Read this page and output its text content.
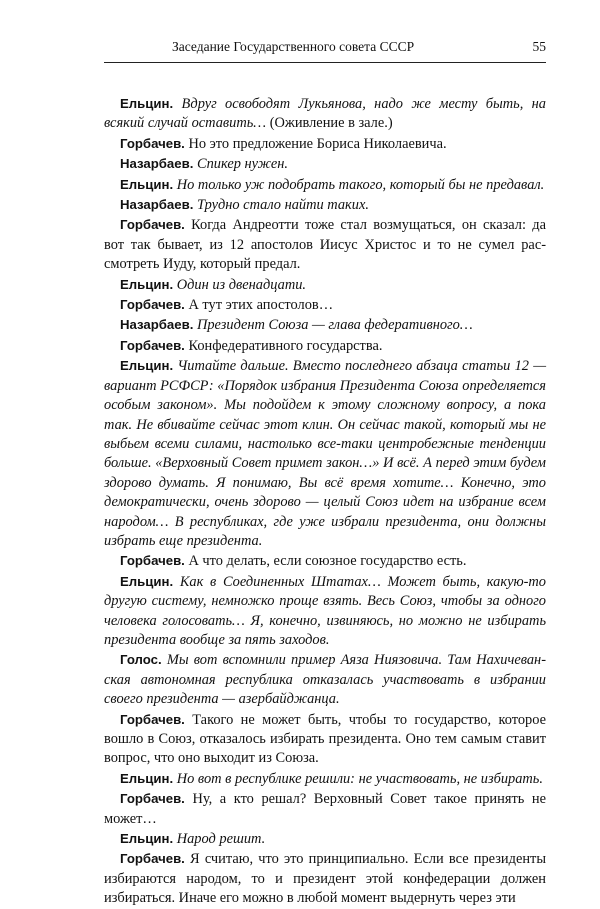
Заседание Государственного совета СССР	55

Ельцин. Вдруг освободят Лукьянова, надо же месту быть, на всякий случай оставить… (Оживление в зале.)

Горбачев. Но это предложение Бориса Николаевича.

Назарбаев. Спикер нужен.

Ельцин. Но только уж подобрать такого, который бы не предавал.

Назарбаев. Трудно стало найти таких.

Горбачев. Когда Андреотти тоже стал возмущаться, он сказал: да вот так бывает, из 12 апостолов Иисус Христос и то не сумел рассмотреть Иуду, который предал.

Ельцин. Один из двенадцати.

Горбачев. А тут этих апостолов…

Назарбаев. Президент Союза — глава федеративного…

Горбачев. Конфедеративного государства.

Ельцин. Читайте дальше. Вместо последнего абзаца статьи 12 — вариант РСФСР: «Порядок избрания Президента Союза определяется особым законом». Мы подойдем к этому сложному вопросу, а пока так. Не вбивайте сейчас этот клин. Он сейчас такой, который мы не выбьем всеми силами, настолько все-таки центробежные тенденции больше. «Верховный Совет примет закон…» И всё. А перед этим будем здорово думать. Я понимаю, Вы всё время хотите… Конечно, это демократически, очень здорово — целый Союз идет на избрание всем народом… В республиках, где уже избрали президента, они должны избрать еще президента.

Горбачев. А что делать, если союзное государство есть.

Ельцин. Как в Соединенных Штатах… Может быть, какую-то другую систему, немножко проще взять. Весь Союз, чтобы за одного человека голосовать… Я, конечно, извиняюсь, но можно не избирать президента вообще за пять заходов.

Голос. Мы вот вспомнили пример Аяза Ниязовича. Там Нахичеванская автономная республика отказалась участвовать в избрании своего президента — азербайджанца.

Горбачев. Такого не может быть, чтобы то государство, которое вошло в Союз, отказалось избирать президента. Оно тем самым ставит вопрос, что оно выходит из Союза.

Ельцин. Но вот в республике решили: не участвовать, не избирать.

Горбачев. Ну, а кто решал? Верховный Совет такое принять не может…

Ельцин. Народ решит.

Горбачев. Я считаю, что это принципиально. Если все президенты избираются народом, то и президент этой конфедерации должен избираться. Иначе его можно в любой момент выдернуть через эти
